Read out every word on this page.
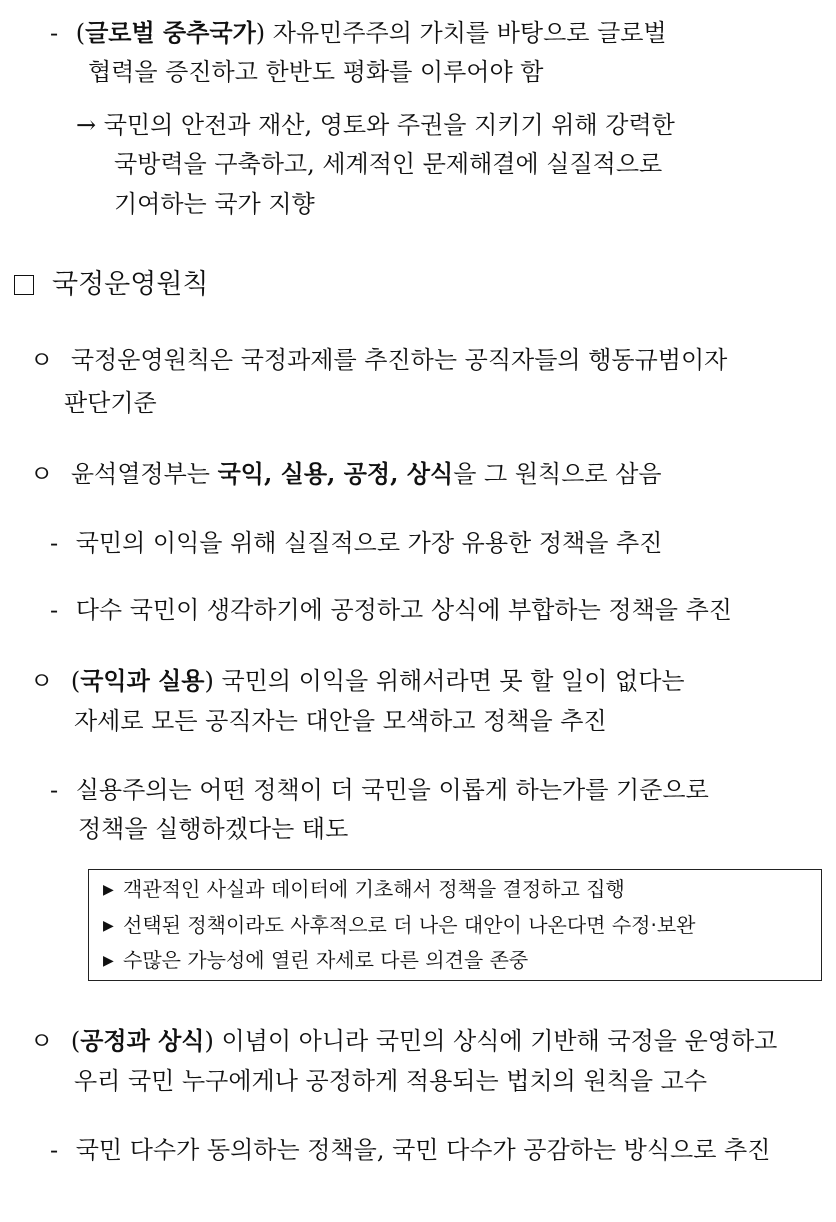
- (글로벌 중추국가) 자유민주주의 가치를 바탕으로 글로벌
협력을 증진하고 한반도 평화를 이루어야 함
→ 국민의 안전과 재산, 영토와 주권을 지키기 위해 강력한
국방력을 구축하고, 세계적인 문제해결에 실질적으로
기여하는 국가 지향
국정운영원칙
ㅇ 국정운영원칙은 국정과제를 추진하는 공직자들의 행동규범이자
판단기준
ㅇ 윤석열정부는 국익, 실용, 공정, 상식을 그 원칙으로 삼음
- 국민의 이익을 위해 실질적으로 가장 유용한 정책을 추진
- 다수 국민이 생각하기에 공정하고 상식에 부합하는 정책을 추진
ㅇ (국익과 실용) 국민의 이익을 위해서라면 못 할 일이 없다는
자세로 모든 공직자는 대안을 모색하고 정책을 추진
- 실용주의는 어떤 정책이 더 국민을 이롭게 하는가를 기준으로
정책을 실행하겠다는 태도
▶ 객관적인 사실과 데이터에 기초해서 정책을 결정하고 집행
▶ 선택된 정책이라도 사후적으로 더 나은 대안이 나온다면 수정·보완
▶ 수많은 가능성에 열린 자세로 다른 의견을 존중
ㅇ (공정과 상식) 이념이 아니라 국민의 상식에 기반해 국정을 운영하고
우리 국민 누구에게나 공정하게 적용되는 법치의 원칙을 고수
- 국민 다수가 동의하는 정책을, 국민 다수가 공감하는 방식으로 추진
